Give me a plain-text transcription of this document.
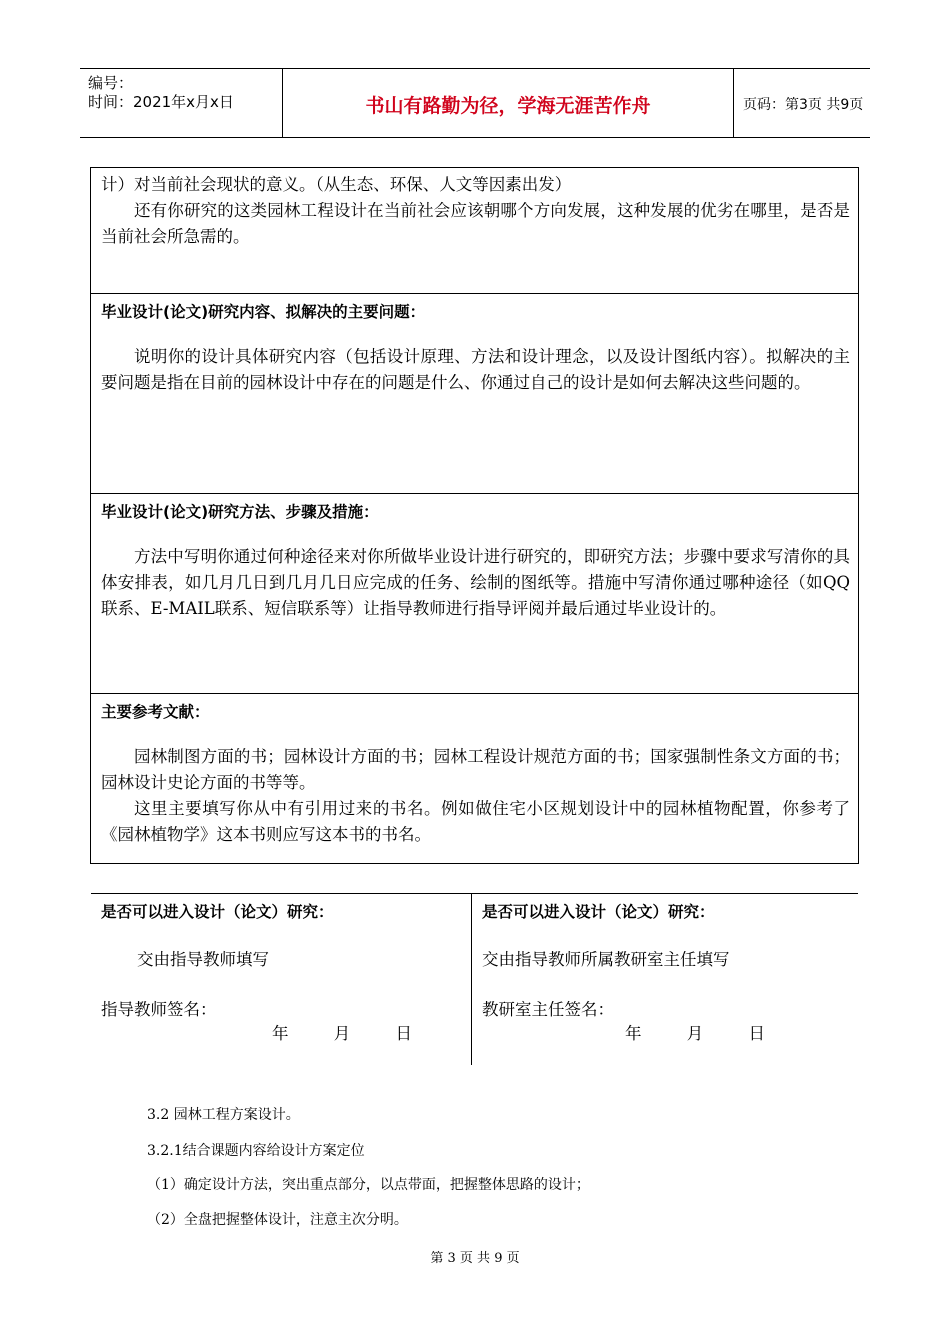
编号：
时间：2021年x月x日	书山有路勤为径，学海无涯苦作舟	页码：第3页 共9页
计）对当前社会现状的意义。（从生态、环保、人文等因素出发）
还有你研究的这类园林工程设计在当前社会应该朝哪个方向发展，这种发展的优劣在哪里，是否是当前社会所急需的。
毕业设计(论文)研究内容、拟解决的主要问题：
说明你的设计具体研究内容（包括设计原理、方法和设计理念，以及设计图纸内容）。拟解决的主要问题是指在目前的园林设计中存在的问题是什么、你通过自己的设计是如何去解决这些问题的。
毕业设计(论文)研究方法、步骤及措施：
方法中写明你通过何种途径来对你所做毕业设计进行研究的，即研究方法；步骤中要求写清你的具体安排表，如几月几日到几月几日应完成的任务、绘制的图纸等。措施中写清你通过哪种途径（如QQ联系、E-MAIL联系、短信联系等）让指导教师进行指导评阅并最后通过毕业设计的。
主要参考文献：
园林制图方面的书；园林设计方面的书；园林工程设计规范方面的书；国家强制性条文方面的书；园林设计史论方面的书等等。
这里主要填写你从中有引用过来的书名。例如做住宅小区规划设计中的园林植物配置，你参考了《园林植物学》这本书则应写这本书的书名。
是否可以进入设计（论文）研究：
交由指导教师填写
指导教师签名：
年	月	日
是否可以进入设计（论文）研究：
交由指导教师所属教研室主任填写
教研室主任签名：
年	月	日
3.2 园林工程方案设计。
3.2.1结合课题内容给设计方案定位
（1）确定设计方法，突出重点部分，以点带面，把握整体思路的设计；
（2）全盘把握整体设计，注意主次分明。
第 3 页 共 9 页
